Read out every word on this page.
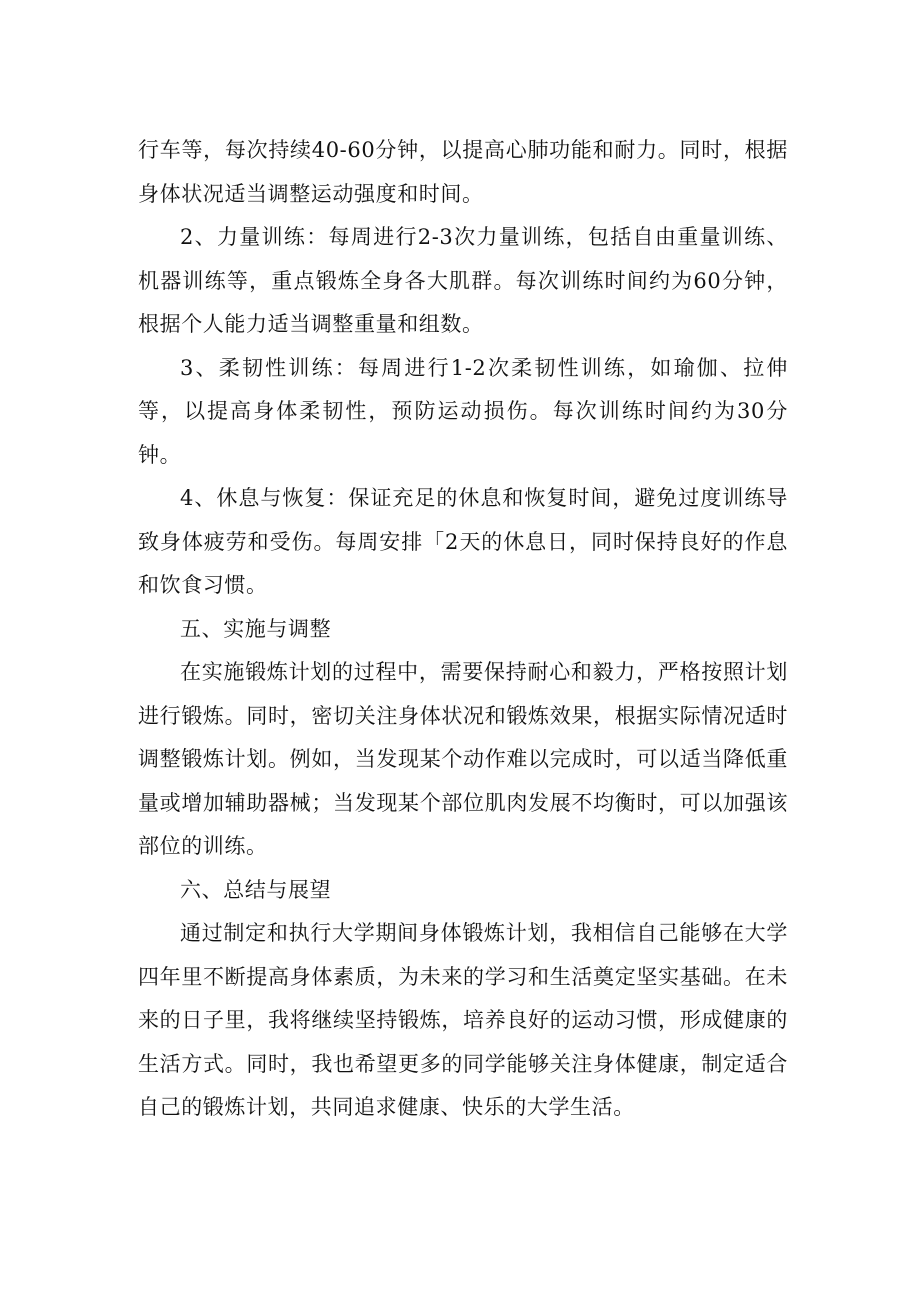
行车等，每次持续40-60分钟，以提高心肺功能和耐力。同时，根据身体状况适当调整运动强度和时间。

2、力量训练：每周进行2-3次力量训练，包括自由重量训练、机器训练等，重点锻炼全身各大肌群。每次训练时间约为60分钟，根据个人能力适当调整重量和组数。

3、柔韧性训练：每周进行1-2次柔韧性训练，如瑜伽、拉伸等，以提高身体柔韧性，预防运动损伤。每次训练时间约为30分钟。

4、休息与恢复：保证充足的休息和恢复时间，避免过度训练导致身体疲劳和受伤。每周安排「2天的休息日，同时保持良好的作息和饮食习惯。

五、实施与调整

在实施锻炼计划的过程中，需要保持耐心和毅力，严格按照计划进行锻炼。同时，密切关注身体状况和锻炼效果，根据实际情况适时调整锻炼计划。例如，当发现某个动作难以完成时，可以适当降低重量或增加辅助器械；当发现某个部位肌肉发展不均衡时，可以加强该部位的训练。

六、总结与展望

通过制定和执行大学期间身体锻炼计划，我相信自己能够在大学四年里不断提高身体素质，为未来的学习和生活奠定坚实基础。在未来的日子里，我将继续坚持锻炼，培养良好的运动习惯，形成健康的生活方式。同时，我也希望更多的同学能够关注身体健康，制定适合自己的锻炼计划，共同追求健康、快乐的大学生活。
